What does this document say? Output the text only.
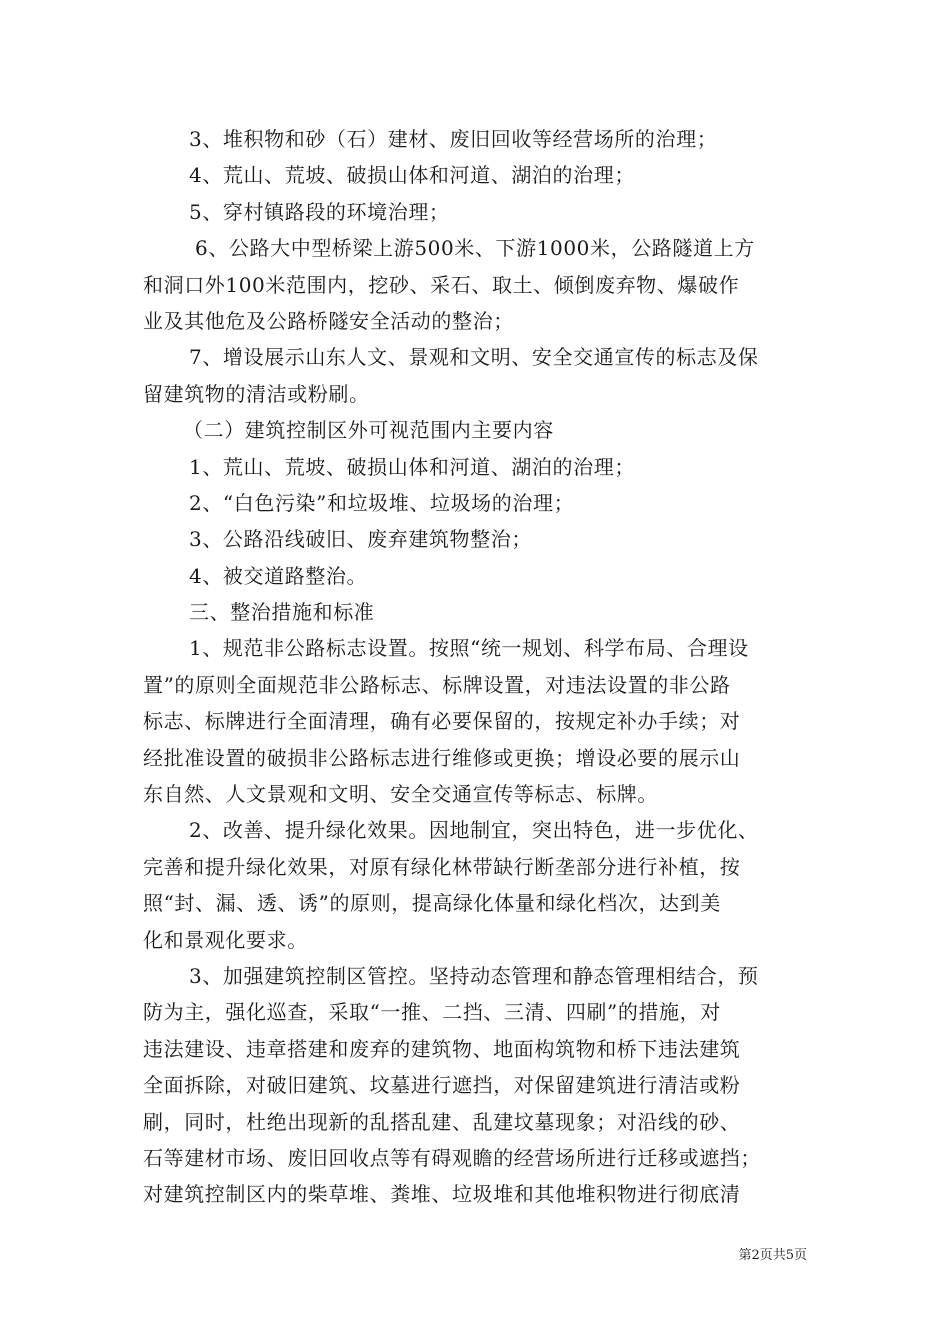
3、堆积物和砂（石）建材、废旧回收等经营场所的治理；
4、荒山、荒坡、破损山体和河道、湖泊的治理；
5、穿村镇路段的环境治理；
6、公路大中型桥梁上游500米、下游1000米，公路隧道上方
和洞口外100米范围内，挖砂、采石、取土、倾倒废弃物、爆破作
业及其他危及公路桥隧安全活动的整治；
7、增设展示山东人文、景观和文明、安全交通宣传的标志及保
留建筑物的清洁或粉刷。
（二）建筑控制区外可视范围内主要内容
1、荒山、荒坡、破损山体和河道、湖泊的治理；
2、“白色污染”和垃圾堆、垃圾场的治理；
3、公路沿线破旧、废弃建筑物整治；
4、被交道路整治。
三、整治措施和标准
1、规范非公路标志设置。按照“统一规划、科学布局、合理设
置”的原则全面规范非公路标志、标牌设置，对违法设置的非公路
标志、标牌进行全面清理，确有必要保留的，按规定补办手续；对
经批准设置的破损非公路标志进行维修或更换；增设必要的展示山
东自然、人文景观和文明、安全交通宣传等标志、标牌。
2、改善、提升绿化效果。因地制宜，突出特色，进一步优化、
完善和提升绿化效果，对原有绿化林带缺行断垄部分进行补植，按
照“封、漏、透、诱”的原则，提高绿化体量和绿化档次，达到美
化和景观化要求。
3、加强建筑控制区管控。坚持动态管理和静态管理相结合，预
防为主，强化巡查，采取“一推、二挡、三清、四刷”的措施，对
违法建设、违章搭建和废弃的建筑物、地面构筑物和桥下违法建筑
全面拆除，对破旧建筑、坟墓进行遮挡，对保留建筑进行清洁或粉
刷，同时，杜绝出现新的乱搭乱建、乱建坟墓现象；对沿线的砂、
石等建材市场、废旧回收点等有碍观瞻的经营场所进行迁移或遮挡；
对建筑控制区内的柴草堆、粪堆、垃圾堆和其他堆积物进行彻底清
第2页共5页
